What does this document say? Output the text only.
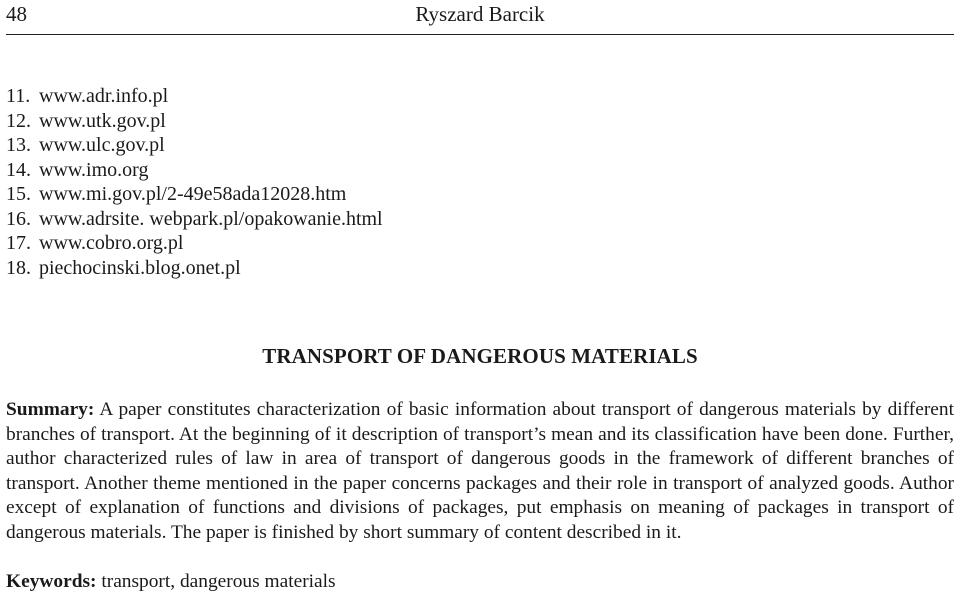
48	Ryszard Barcik
11. www.adr.info.pl
12. www.utk.gov.pl
13. www.ulc.gov.pl
14. www.imo.org
15. www.mi.gov.pl/2-49e58ada12028.htm
16. www.adrsite. webpark.pl/opakowanie.html
17. www.cobro.org.pl
18. piechocinski.blog.onet.pl
TRANSPORT OF DANGEROUS MATERIALS

Summary: A paper constitutes characterization of basic information about transport of dangerous materials by different branches of transport. At the beginning of it description of transport’s mean and its classification have been done. Further, author characterized rules of law in area of transport of dangerous goods in the framework of different branches of transport. Another theme mentioned in the paper concerns packages and their role in transport of analyzed goods. Author except of explanation of functions and divisions of packages, put emphasis on meaning of packages in transport of dangerous materials. The paper is finished by short summary of content described in it.

Keywords: transport, dangerous materials
